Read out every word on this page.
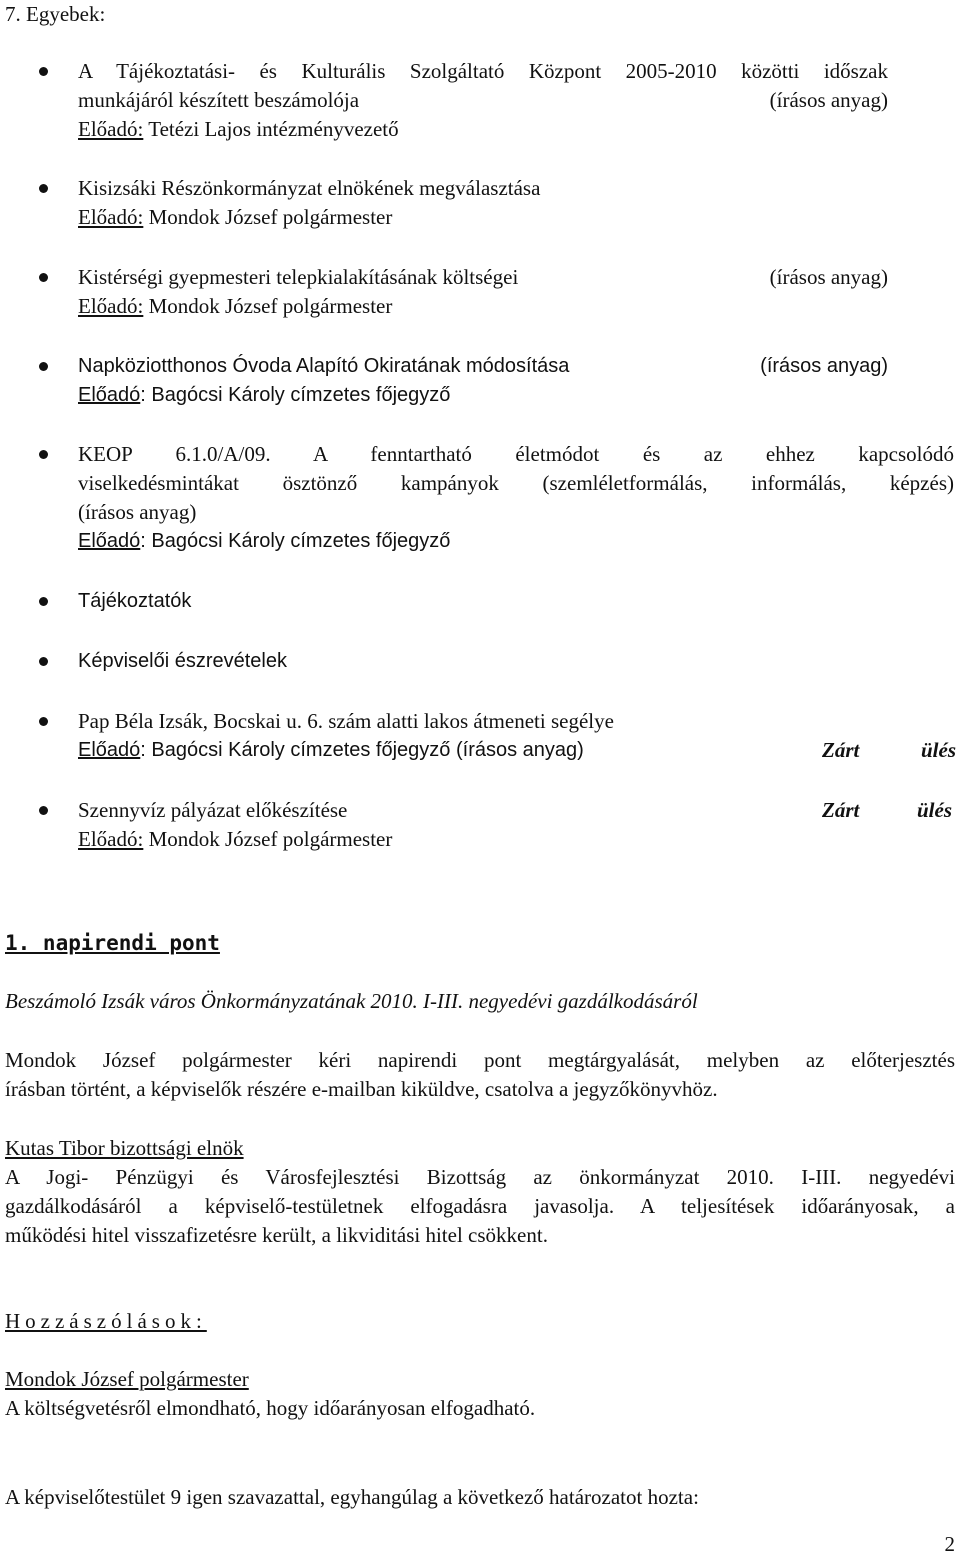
7. Egyebek:
A Tájékoztatási- és Kulturális Szolgáltató Központ 2005-2010 közötti időszak
munkájáról készített beszámolója	(írásos anyag)
Előadó: Tetézi Lajos intézményvezető
Kisizsáki Részönkormányzat elnökének megválasztása
Előadó: Mondok József polgármester
Kistérségi gyepmesteri telepkialakításának költségei	(írásos anyag)
Előadó: Mondok József polgármester
Napköziotthonos Óvoda Alapító Okiratának módosítása	(írásos anyag)
Előadó: Bagócsi Károly címzetes főjegyző
KEOP 6.1.0/A/09. A fenntartható életmódot és az ehhez kapcsolódó
viselkedésmintákat ösztönző kampányok (szemléletformálás, informálás, képzés)
(írásos anyag)
Előadó: Bagócsi Károly címzetes főjegyző
Tájékoztatók
Képviselői észrevételek
Pap Béla Izsák, Bocskai u. 6. szám alatti lakos átmeneti segélye
Előadó: Bagócsi Károly címzetes főjegyző (írásos anyag)	Zárt	ülés
Szennyvíz pályázat előkészítése	Zárt	ülés
Előadó: Mondok József polgármester
1. napirendi pont
Beszámoló Izsák város Önkormányzatának 2010. I-III. negyedévi gazdálkodásáról
Mondok József polgármester kéri napirendi pont megtárgyalását, melyben az előterjesztés
írásban történt, a képviselők részére e-mailban kiküldve, csatolva a jegyzőkönyvhöz.
Kutas Tibor bizottsági elnök
A Jogi- Pénzügyi és Városfejlesztési Bizottság az önkormányzat 2010. I-III. negyedévi
gazdálkodásáról a képviselő-testületnek elfogadásra javasolja. A teljesítések időarányosak, a
működési hitel visszafizetésre került, a likviditási hitel csökkent.
Hozzászólások:
Mondok József polgármester
A költségvetésről elmondható, hogy időarányosan elfogadható.
A képviselőtestület 9 igen szavazattal, egyhangúlag a következő határozatot hozta:
2
